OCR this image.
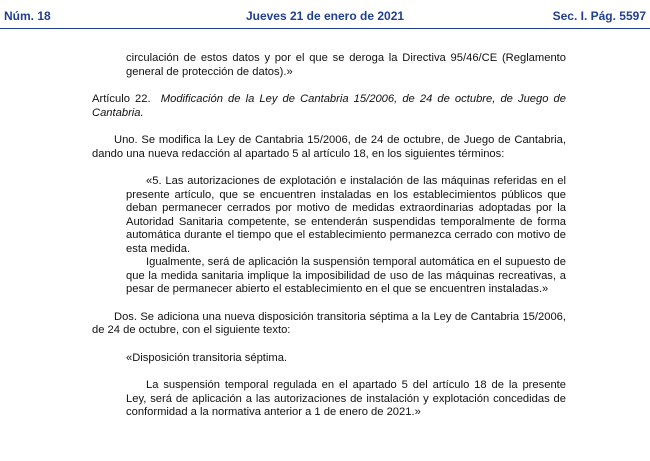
Núm. 18	Jueves 21 de enero de 2021	Sec. I. Pág. 5597

circulación de estos datos y por el que se deroga la Directiva 95/46/CE (Reglamento general de protección de datos).»

Artículo 22. Modificación de la Ley de Cantabria 15/2006, de 24 de octubre, de Juego de Cantabria.

Uno. Se modifica la Ley de Cantabria 15/2006, de 24 de octubre, de Juego de Cantabria, dando una nueva redacción al apartado 5 al artículo 18, en los siguientes términos:

«5. Las autorizaciones de explotación e instalación de las máquinas referidas en el presente artículo, que se encuentren instaladas en los establecimientos públicos que deban permanecer cerrados por motivo de medidas extraordinarias adoptadas por la Autoridad Sanitaria competente, se entenderán suspendidas temporalmente de forma automática durante el tiempo que el establecimiento permanezca cerrado con motivo de esta medida.

Igualmente, será de aplicación la suspensión temporal automática en el supuesto de que la medida sanitaria implique la imposibilidad de uso de las máquinas recreativas, a pesar de permanecer abierto el establecimiento en el que se encuentren instaladas.»

Dos. Se adiciona una nueva disposición transitoria séptima a la Ley de Cantabria 15/2006, de 24 de octubre, con el siguiente texto:

«Disposición transitoria séptima.

La suspensión temporal regulada en el apartado 5 del artículo 18 de la presente Ley, será de aplicación a las autorizaciones de instalación y explotación concedidas de conformidad a la normativa anterior a 1 de enero de 2021.»
